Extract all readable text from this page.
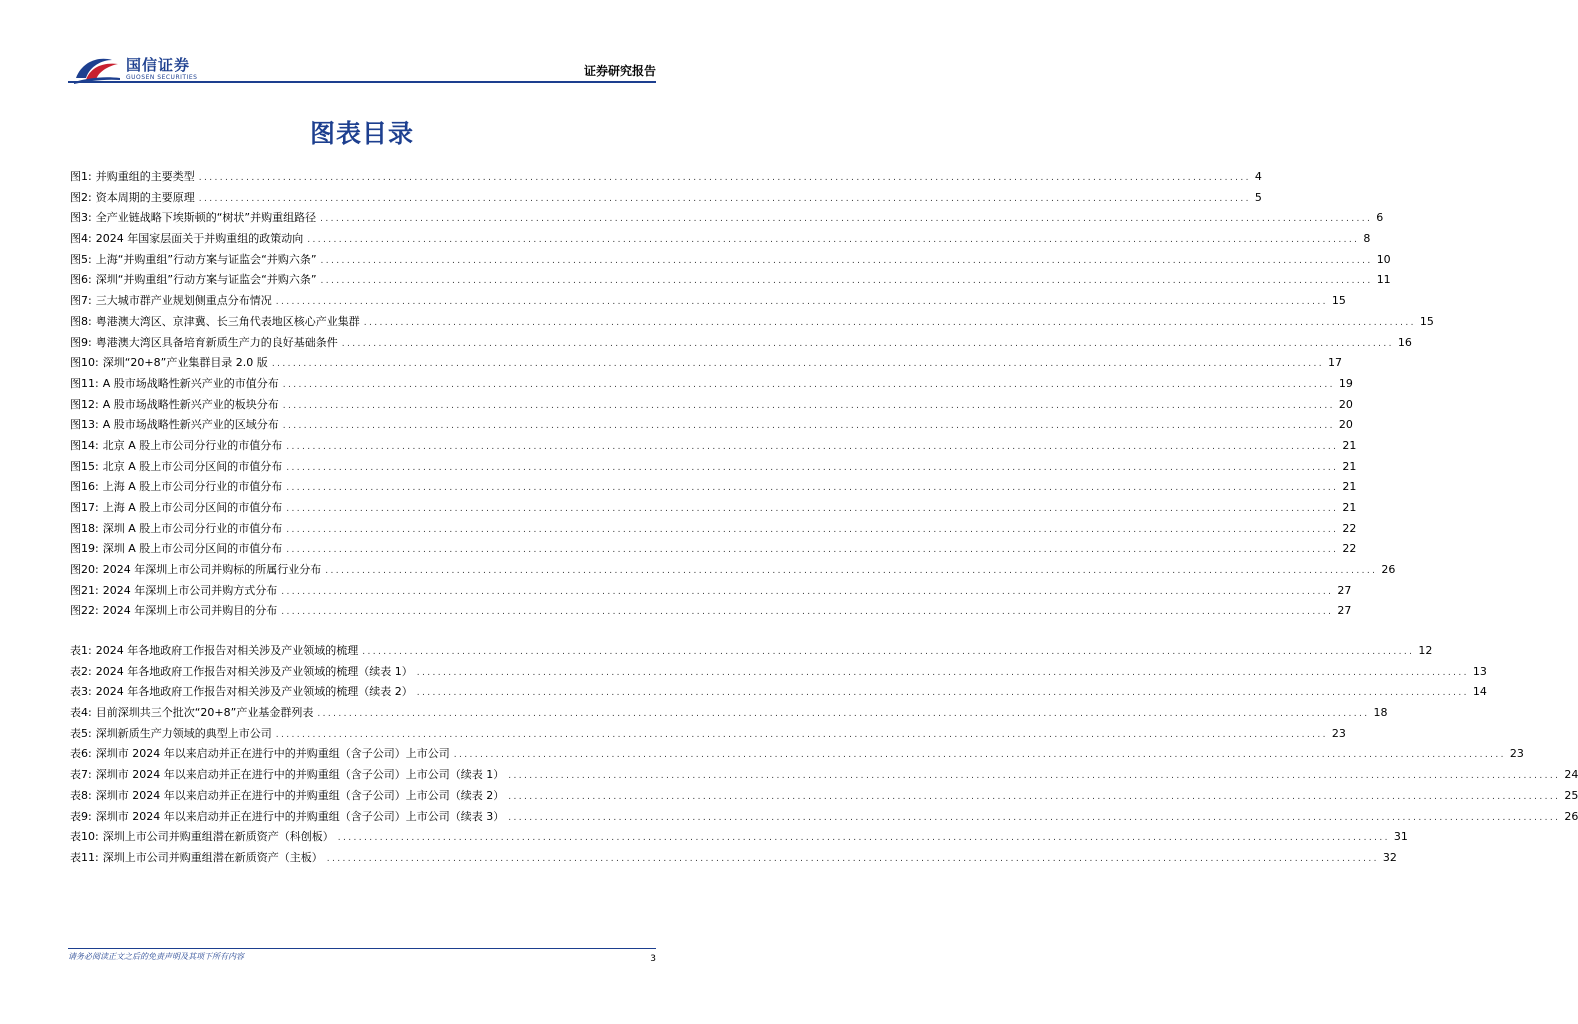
国信证券
GUOSEN SECURITIES	证券研究报告
图表目录
图1: 并购重组的主要类型 ........................................................................................................................................................................................................ 4
图2: 资本周期的主要原理 ........................................................................................................................................................................................................ 5
图3: 全产业链战略下埃斯顿的“树状”并购重组路径 ........................................................................................................................................................................................................ 6
图4: 2024 年国家层面关于并购重组的政策动向 ........................................................................................................................................................................................................ 8
图5: 上海“并购重组”行动方案与证监会“并购六条” ........................................................................................................................................................................................................ 10
图6: 深圳“并购重组”行动方案与证监会“并购六条” ........................................................................................................................................................................................................ 11
图7: 三大城市群产业规划侧重点分布情况 ........................................................................................................................................................................................................ 15
图8: 粤港澳大湾区、京津冀、长三角代表地区核心产业集群 ........................................................................................................................................................................................................ 15
图9: 粤港澳大湾区具备培育新质生产力的良好基础条件 ........................................................................................................................................................................................................ 16
图10: 深圳“20+8”产业集群目录 2.0 版 ........................................................................................................................................................................................................ 17
图11: A 股市场战略性新兴产业的市值分布 ........................................................................................................................................................................................................ 19
图12: A 股市场战略性新兴产业的板块分布 ........................................................................................................................................................................................................ 20
图13: A 股市场战略性新兴产业的区域分布 ........................................................................................................................................................................................................ 20
图14: 北京 A 股上市公司分行业的市值分布 ........................................................................................................................................................................................................ 21
图15: 北京 A 股上市公司分区间的市值分布 ........................................................................................................................................................................................................ 21
图16: 上海 A 股上市公司分行业的市值分布 ........................................................................................................................................................................................................ 21
图17: 上海 A 股上市公司分区间的市值分布 ........................................................................................................................................................................................................ 21
图18: 深圳 A 股上市公司分行业的市值分布 ........................................................................................................................................................................................................ 22
图19: 深圳 A 股上市公司分区间的市值分布 ........................................................................................................................................................................................................ 22
图20: 2024 年深圳上市公司并购标的所属行业分布 ........................................................................................................................................................................................................ 26
图21: 2024 年深圳上市公司并购方式分布 ........................................................................................................................................................................................................ 27
图22: 2024 年深圳上市公司并购目的分布 ........................................................................................................................................................................................................ 27
表1: 2024 年各地政府工作报告对相关涉及产业领域的梳理 ........................................................................................................................................................................................................ 12
表2: 2024 年各地政府工作报告对相关涉及产业领域的梳理（续表 1） ........................................................................................................................................................................................................ 13
表3: 2024 年各地政府工作报告对相关涉及产业领域的梳理（续表 2） ........................................................................................................................................................................................................ 14
表4: 目前深圳共三个批次“20+8”产业基金群列表 ........................................................................................................................................................................................................ 18
表5: 深圳新质生产力领域的典型上市公司 ........................................................................................................................................................................................................ 23
表6: 深圳市 2024 年以来启动并正在进行中的并购重组（含子公司）上市公司 ........................................................................................................................................................................................................ 23
表7: 深圳市 2024 年以来启动并正在进行中的并购重组（含子公司）上市公司（续表 1） ........................................................................................................................................................................................................ 24
表8: 深圳市 2024 年以来启动并正在进行中的并购重组（含子公司）上市公司（续表 2） ........................................................................................................................................................................................................ 25
表9: 深圳市 2024 年以来启动并正在进行中的并购重组（含子公司）上市公司（续表 3） ........................................................................................................................................................................................................ 26
表10: 深圳上市公司并购重组潜在新质资产（科创板） ........................................................................................................................................................................................................ 31
表11: 深圳上市公司并购重组潜在新质资产（主板） ........................................................................................................................................................................................................ 32
请务必阅读正文之后的免责声明及其项下所有内容	3
